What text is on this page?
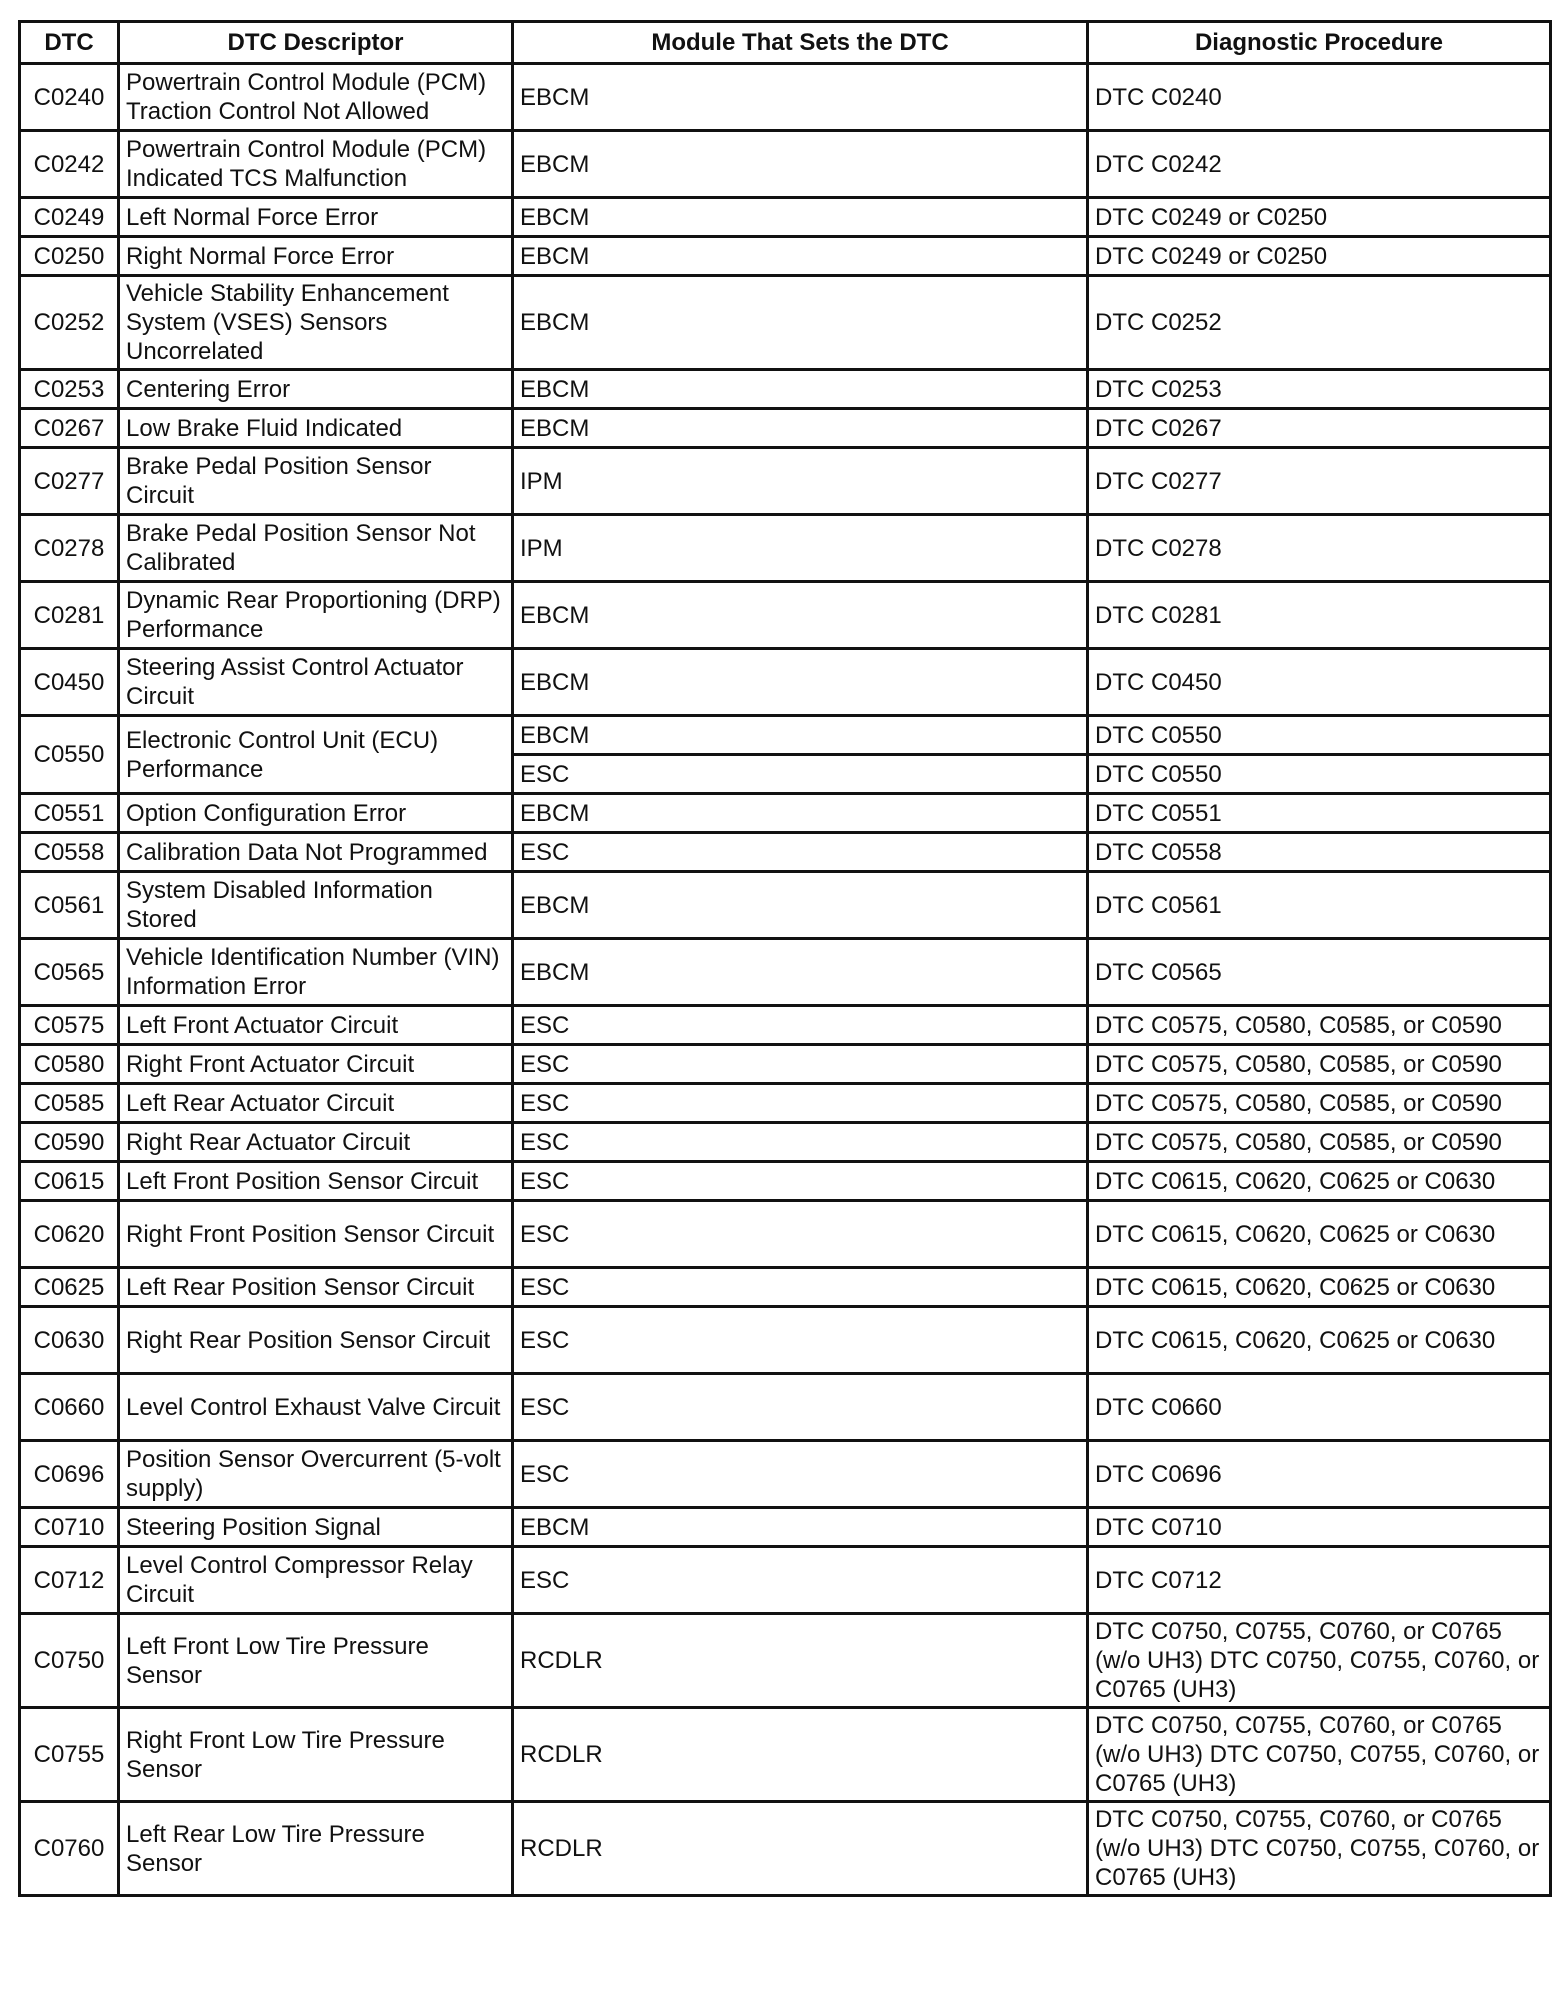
DTC	DTC Descriptor	Module That Sets the DTC	Diagnostic Procedure
C0240	Powertrain Control Module (PCM) Traction Control Not Allowed	EBCM	DTC C0240
C0242	Powertrain Control Module (PCM) Indicated TCS Malfunction	EBCM	DTC C0242
C0249	Left Normal Force Error	EBCM	DTC C0249 or C0250
C0250	Right Normal Force Error	EBCM	DTC C0249 or C0250
C0252	Vehicle Stability Enhancement System (VSES) Sensors Uncorrelated	EBCM	DTC C0252
C0253	Centering Error	EBCM	DTC C0253
C0267	Low Brake Fluid Indicated	EBCM	DTC C0267
C0277	Brake Pedal Position Sensor Circuit	IPM	DTC C0277
C0278	Brake Pedal Position Sensor Not Calibrated	IPM	DTC C0278
C0281	Dynamic Rear Proportioning (DRP) Performance	EBCM	DTC C0281
C0450	Steering Assist Control Actuator Circuit	EBCM	DTC C0450
C0550	Electronic Control Unit (ECU) Performance	EBCM	DTC C0550
		ESC	DTC C0550
C0551	Option Configuration Error	EBCM	DTC C0551
C0558	Calibration Data Not Programmed	ESC	DTC C0558
C0561	System Disabled Information Stored	EBCM	DTC C0561
C0565	Vehicle Identification Number (VIN) Information Error	EBCM	DTC C0565
C0575	Left Front Actuator Circuit	ESC	DTC C0575, C0580, C0585, or C0590
C0580	Right Front Actuator Circuit	ESC	DTC C0575, C0580, C0585, or C0590
C0585	Left Rear Actuator Circuit	ESC	DTC C0575, C0580, C0585, or C0590
C0590	Right Rear Actuator Circuit	ESC	DTC C0575, C0580, C0585, or C0590
C0615	Left Front Position Sensor Circuit	ESC	DTC C0615, C0620, C0625 or C0630
C0620	Right Front Position Sensor Circuit	ESC	DTC C0615, C0620, C0625 or C0630
C0625	Left Rear Position Sensor Circuit	ESC	DTC C0615, C0620, C0625 or C0630
C0630	Right Rear Position Sensor Circuit	ESC	DTC C0615, C0620, C0625 or C0630
C0660	Level Control Exhaust Valve Circuit	ESC	DTC C0660
C0696	Position Sensor Overcurrent (5-volt supply)	ESC	DTC C0696
C0710	Steering Position Signal	EBCM	DTC C0710
C0712	Level Control Compressor Relay Circuit	ESC	DTC C0712
C0750	Left Front Low Tire Pressure Sensor	RCDLR	DTC C0750, C0755, C0760, or C0765 (w/o UH3) DTC C0750, C0755, C0760, or C0765 (UH3)
C0755	Right Front Low Tire Pressure Sensor	RCDLR	DTC C0750, C0755, C0760, or C0765 (w/o UH3) DTC C0750, C0755, C0760, or C0765 (UH3)
C0760	Left Rear Low Tire Pressure Sensor	RCDLR	DTC C0750, C0755, C0760, or C0765 (w/o UH3) DTC C0750, C0755, C0760, or C0765 (UH3)
